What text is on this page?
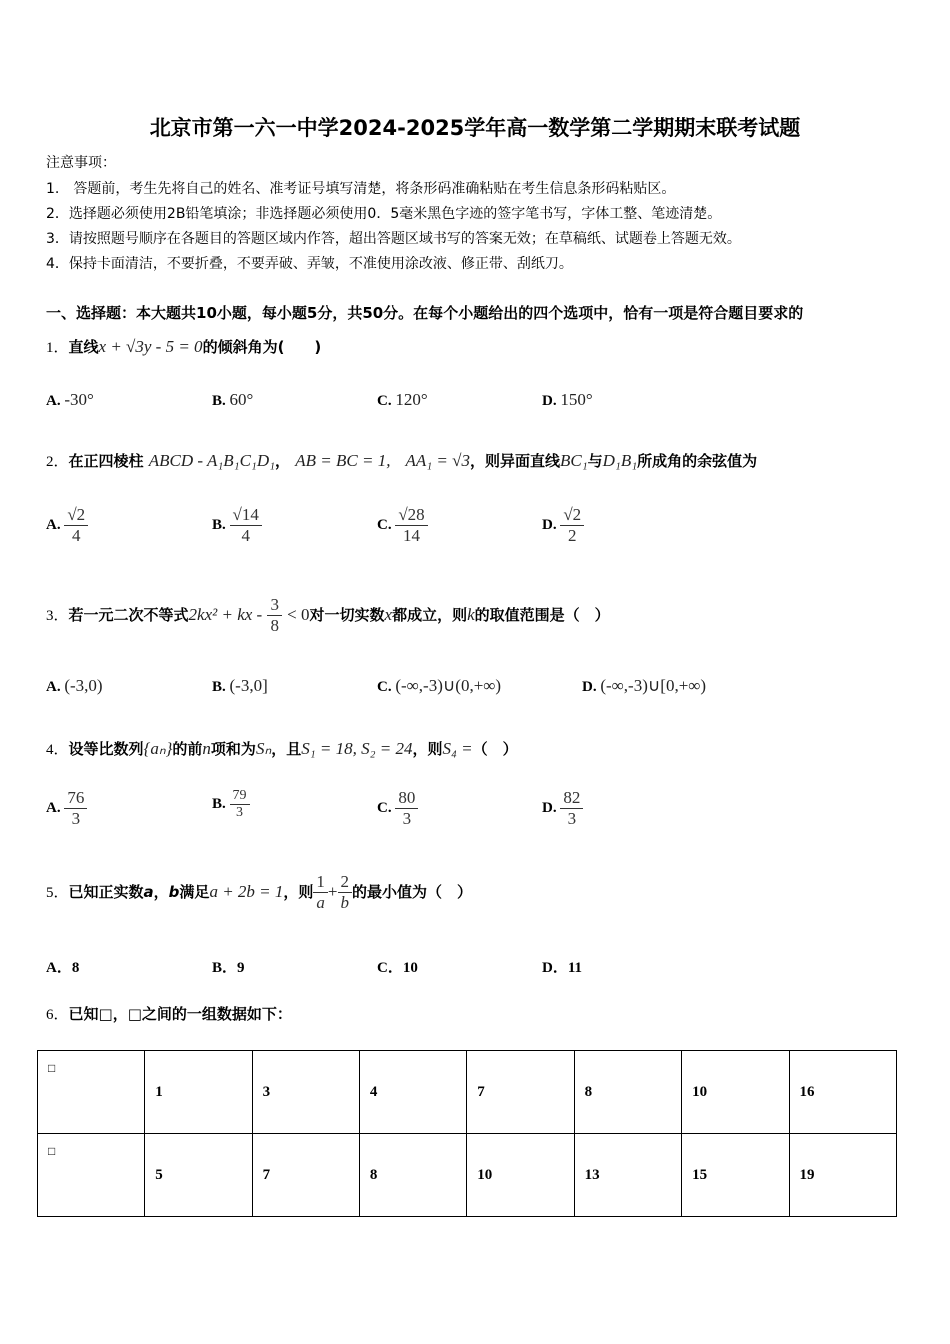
北京市第一六一中学2024-2025学年高一数学第二学期期末联考试题
注意事项：
1.　答题前，考生先将自己的姓名、准考证号填写清楚，将条形码准确粘贴在考生信息条形码粘贴区。
2．选择题必须使用2B铅笔填涂；非选择题必须使用0．5毫米黑色字迹的签字笔书写，字体工整、笔迹清楚。
3．请按照题号顺序在各题目的答题区域内作答，超出答题区域书写的答案无效；在草稿纸、试题卷上答题无效。
4．保持卡面清洁，不要折叠，不要弄破、弄皱，不准使用涂改液、修正带、刮纸刀。
一、选择题：本大题共10小题，每小题5分，共50分。在每个小题给出的四个选项中，恰有一项是符合题目要求的
1．直线x + √3y - 5 = 0的倾斜角为(　　)
A. -30°	B. 60°	C. 120°	D. 150°
2．在正四棱柱 ABCD - A₁B₁C₁D₁， AB = BC = 1,　 AA₁ = √3，则异面直线BC₁与D₁B₁所成角的余弦值为
A. $\frac{√2}{4}$	B. $\frac{√14}{4}$	C. $\frac{√28}{14}$	D. $\frac{√2}{2}$
3．若一元二次不等式2kx² + kx - $\frac{3}{8} < 0$对一切实数x都成立，则k的取值范围是（　）
A. (-3,0)	B. (-3,0]	C. (-∞,-3)∪(0,+∞)	D. (-∞,-3)∪[0,+∞)
4．设等比数列{aₙ}的前n项和为Sₙ，且S₁ = 18, S₂ = 24，则S₄ =（　）
A. $\frac{76}{3}$	B. $\frac{79}{3}$	C. $\frac{80}{3}$	D. $\frac{82}{3}$
5．已知正实数a，b满足a + 2b = 1，则 $\frac{1}{a} + \frac{2}{b}$ 的最小值为（　）
A．8	B．9	C．10	D．11
6．已知□，□之间的一组数据如下：
□	1	3	4	7	8	10	16
□	5	7	8	10	13	15	19
